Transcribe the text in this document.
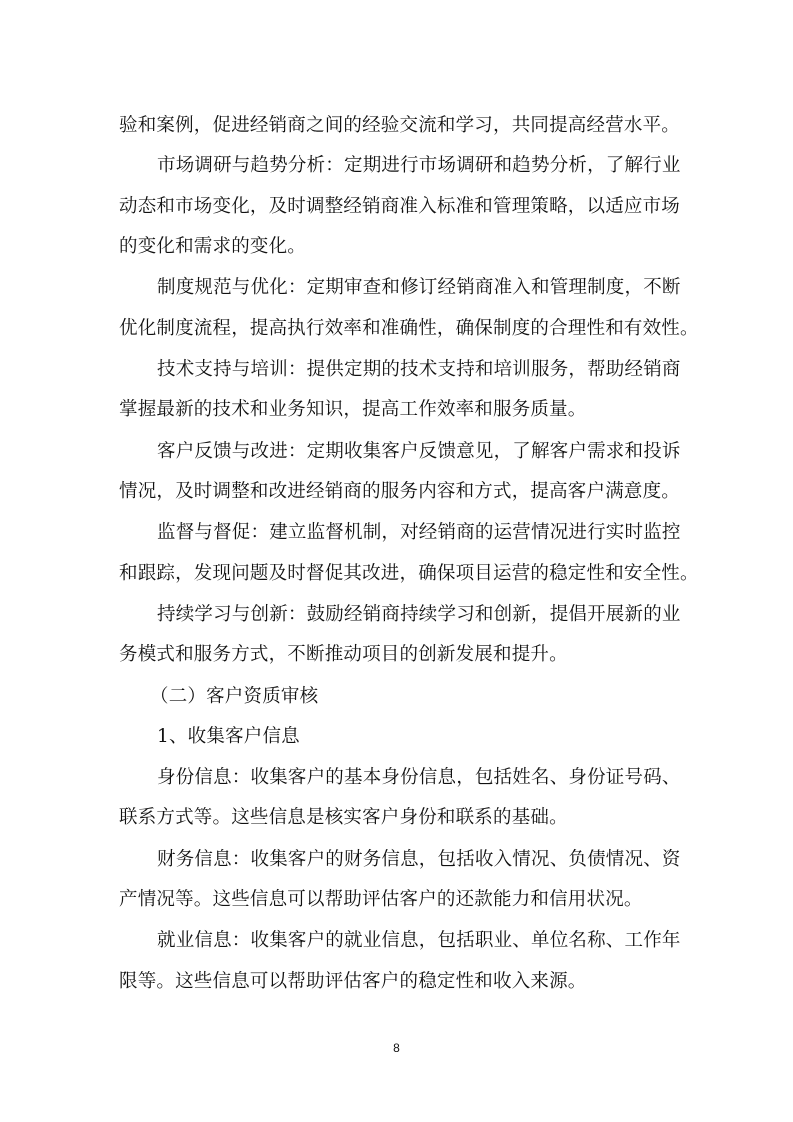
验和案例，促进经销商之间的经验交流和学习，共同提高经营水平。
市场调研与趋势分析：定期进行市场调研和趋势分析，了解行业
动态和市场变化，及时调整经销商准入标准和管理策略，以适应市场
的变化和需求的变化。
制度规范与优化：定期审查和修订经销商准入和管理制度，不断
优化制度流程，提高执行效率和准确性，确保制度的合理性和有效性。
技术支持与培训：提供定期的技术支持和培训服务，帮助经销商
掌握最新的技术和业务知识，提高工作效率和服务质量。
客户反馈与改进：定期收集客户反馈意见，了解客户需求和投诉
情况，及时调整和改进经销商的服务内容和方式，提高客户满意度。
监督与督促：建立监督机制，对经销商的运营情况进行实时监控
和跟踪，发现问题及时督促其改进，确保项目运营的稳定性和安全性。
持续学习与创新：鼓励经销商持续学习和创新，提倡开展新的业
务模式和服务方式，不断推动项目的创新发展和提升。
（二）客户资质审核
1、收集客户信息
身份信息：收集客户的基本身份信息，包括姓名、身份证号码、
联系方式等。这些信息是核实客户身份和联系的基础。
财务信息：收集客户的财务信息，包括收入情况、负债情况、资
产情况等。这些信息可以帮助评估客户的还款能力和信用状况。
就业信息：收集客户的就业信息，包括职业、单位名称、工作年
限等。这些信息可以帮助评估客户的稳定性和收入来源。
8
